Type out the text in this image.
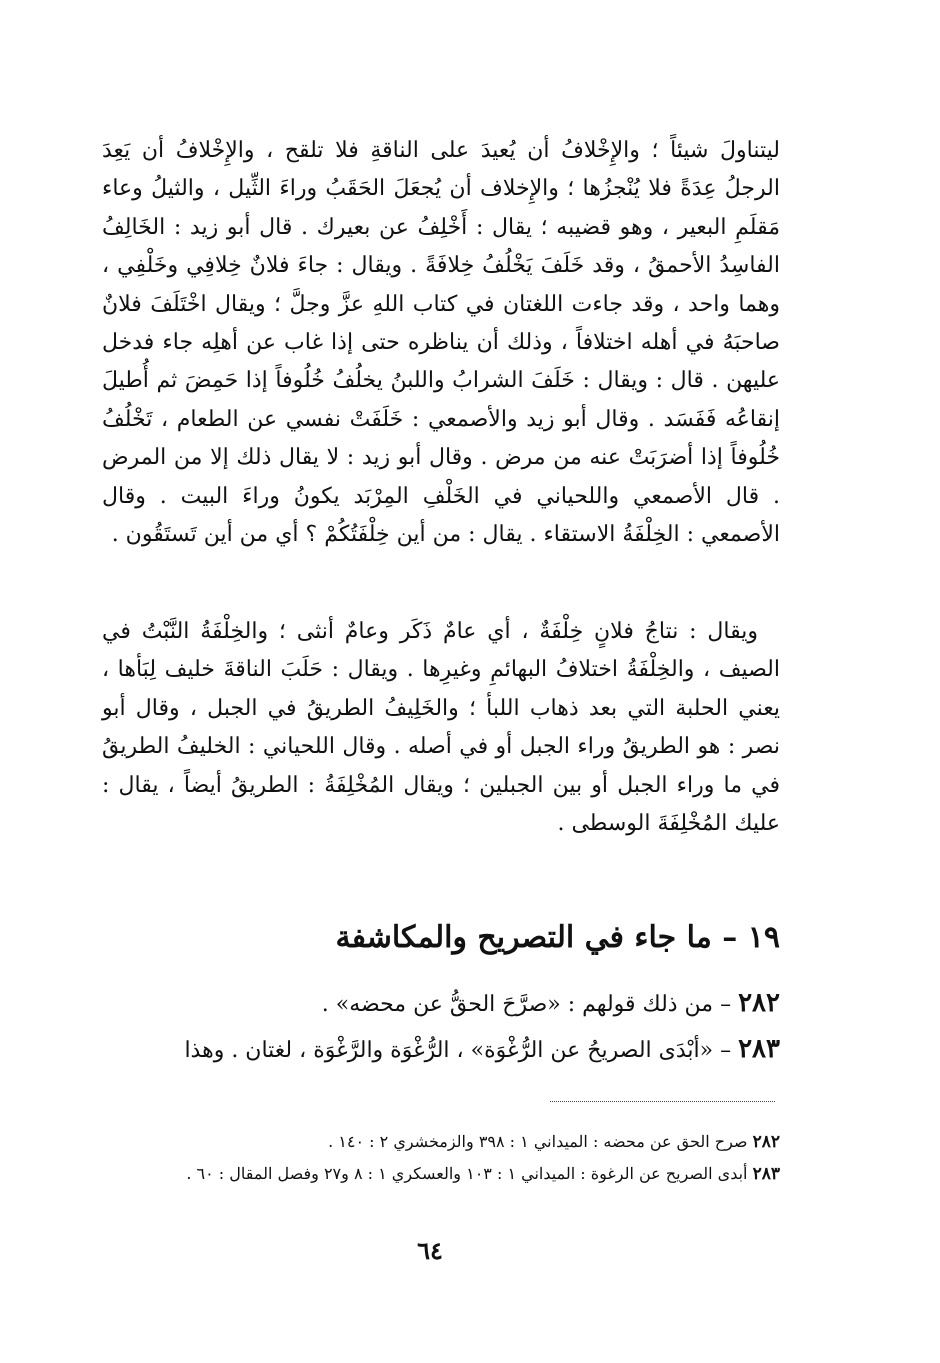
ليتناولَ شيئاً ؛ والإِخْلافُ أن يُعيدَ على الناقةِ فلا تلقح ، والإِخْلافُ أن يَعِدَ الرجلُ عِدَةً فلا يُنْجزُها ؛ والإِخلاف أن يُجعَلَ الحَقَبُ وراءَ الثِّيل ، والثيلُ وعاء مَقلَمِ البعير ، وهو قضيبه ؛ يقال : أَخْلِفُ عن بعيرك . قال أبو زيد : الخَالِفُ الفاسِدُ الأحمقُ ، وقد خَلَفَ يَخْلُفُ خِلافَةً . ويقال : جاءَ فلانٌ خِلافِي وخَلْفِي ، وهما واحد ، وقد جاءت اللغتان في كتاب اللهِ عزَّ وجلَّ ؛ ويقال اخْتَلَفَ فلانٌ صاحبَهُ في أهله اختلافاً ، وذلك أن يناظره حتى إذا غاب عن أهلِه جاء فدخل عليهن . قال : ويقال : خَلَفَ الشرابُ واللبنُ يخلُفُ خُلُوفاً إذا حَمِضَ ثم أُطيلَ إنقاعُه فَفَسَد . وقال أبو زيد والأصمعي : خَلَفَتْ نفسي عن الطعام ، تَخْلُفُ خُلُوفاً إذا أضرَبَتْ عنه من مرض . وقال أبو زيد : لا يقال ذلك إلا من المرض . قال الأصمعي واللحياني في الخَلْفِ المِرْبَد يكونُ وراءَ البيت . وقال الأصمعي : الخِلْفَةُ الاستقاء . يقال : من أين خِلْفَتُكُمْ ؟ أي من أين تَستَقُون .

ويقال : نتاجُ فلانٍ خِلْفَةٌ ، أي عامٌ ذَكَر وعامٌ أنثى ؛ والخِلْفَةُ النَّبْتُ في الصيف ، والخِلْفَةُ اختلافُ البهائمِ وغيرِها . ويقال : حَلَبَ الناقةَ خليف لِبَأها ، يعني الحلبة التي بعد ذهاب اللبأ ؛ والخَلِيفُ الطريقُ في الجبل ، وقال أبو نصر : هو الطريقُ وراء الجبل أو في أصله . وقال اللحياني : الخليفُ الطريقُ في ما وراء الجبل أو بين الجبلين ؛ ويقال المُخْلِفَةُ : الطريقُ أيضاً ، يقال : عليك المُخْلِفَةَ الوسطى .

١٩ – ما جاء في التصريح والمكاشفة
٢٨٢ – من ذلك قولهم : «صرَّحَ الحقُّ عن محضه» .
٢٨٣ – «أبْدَى الصريحُ عن الرُّغْوَة» ، الرُّغْوَة والرَّغْوَة ، لغتان . وهذا
٢٨٢ صرح الحق عن محضه : الميداني ١ : ٣٩٨ والزمخشري ٢ : ١٤٠ .
٢٨٣ أبدى الصريح عن الرغوة : الميداني ١ : ١٠٣ والعسكري ١ : ٨ و٢٧ وفصل المقال : ٦٠ .
٦٤
